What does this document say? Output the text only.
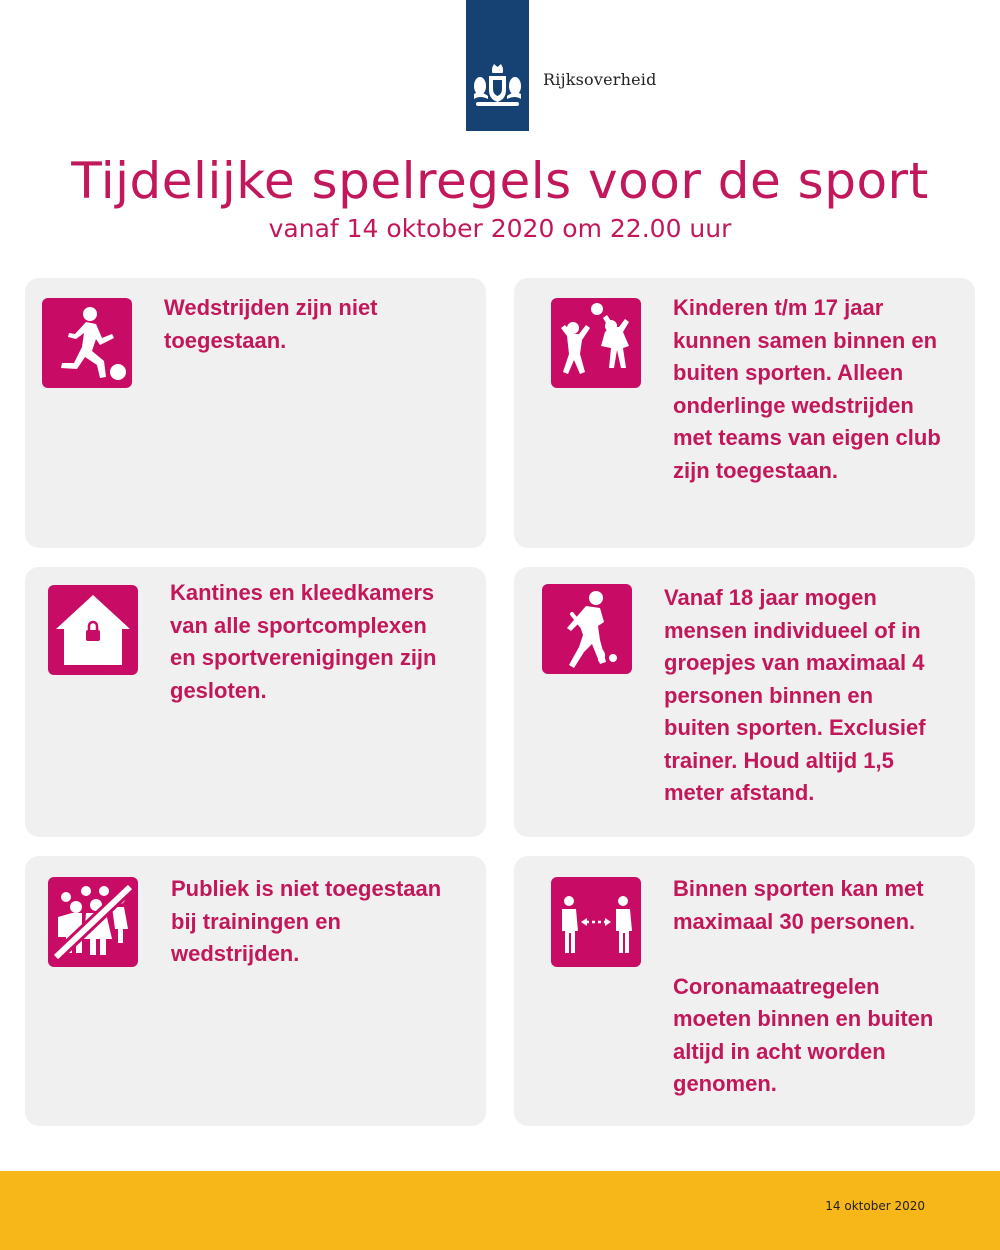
Rijksoverheid
Tijdelijke spelregels voor de sport
vanaf 14 oktober 2020 om 22.00 uur
Wedstrijden zijn niet
toegestaan.
Kinderen t/m 17 jaar
kunnen samen binnen en
buiten sporten. Alleen
onderlinge wedstrijden
met teams van eigen club
zijn toegestaan.
Kantines en kleedkamers
van alle sportcomplexen
en sportverenigingen zijn
gesloten.
Vanaf 18 jaar mogen
mensen individueel of in
groepjes van maximaal 4
personen binnen en
buiten sporten. Exclusief
trainer. Houd altijd 1,5
meter afstand.
Publiek is niet toegestaan
bij trainingen en
wedstrijden.
Binnen sporten kan met
maximaal 30 personen.

Coronamaatregelen
moeten binnen en buiten
altijd in acht worden
genomen.
14 oktober 2020
